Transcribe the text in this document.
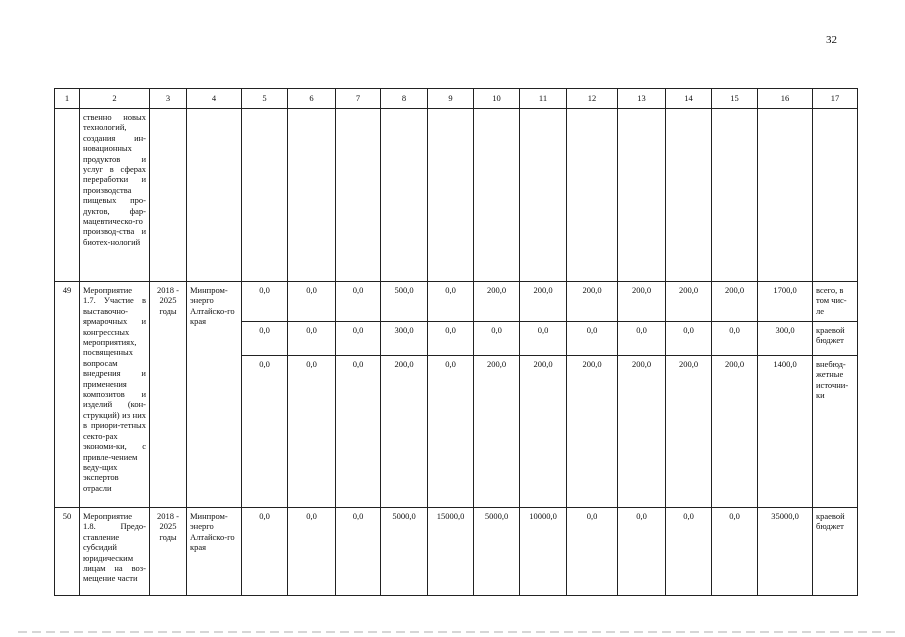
32
1	2	3	4	5	6	7	8	9	10	11	12	13	14	15	16	17
	ственно новых технологий, создания ин-новационных продуктов и услуг в сферах переработки и производства пищевых про-дуктов, фар-мацевтическо-го производ-ства и биотех-нологий															
49	Мероприятие 1.7. Участие в выставочно-ярмарочных и конгрессных мероприятиях, посвященных вопросам внедрения и применения композитов и изделий (кон-струкций) из них в приори-тетных секто-рах экономи-ки, с привле-чением веду-щих экспертов отрасли	2018 - 2025 годы	Минпром-энерго Алтайско-го края	0,0	0,0	0,0	500,0	0,0	200,0	200,0	200,0	200,0	200,0	200,0	1700,0	всего, в том чис-ле
				0,0	0,0	0,0	300,0	0,0	0,0	0,0	0,0	0,0	0,0	0,0	300,0	краевой бюджет
				0,0	0,0	0,0	200,0	0,0	200,0	200,0	200,0	200,0	200,0	200,0	1400,0	внебюд-жетные источни-ки
50	Мероприятие 1.8. Предо-ставление субсидий юридическим лицам на воз-мещение части	2018 - 2025 годы	Минпром-энерго Алтайско-го края	0,0	0,0	0,0	5000,0	15000,0	5000,0	10000,0	0,0	0,0	0,0	0,0	35000,0	краевой бюджет
